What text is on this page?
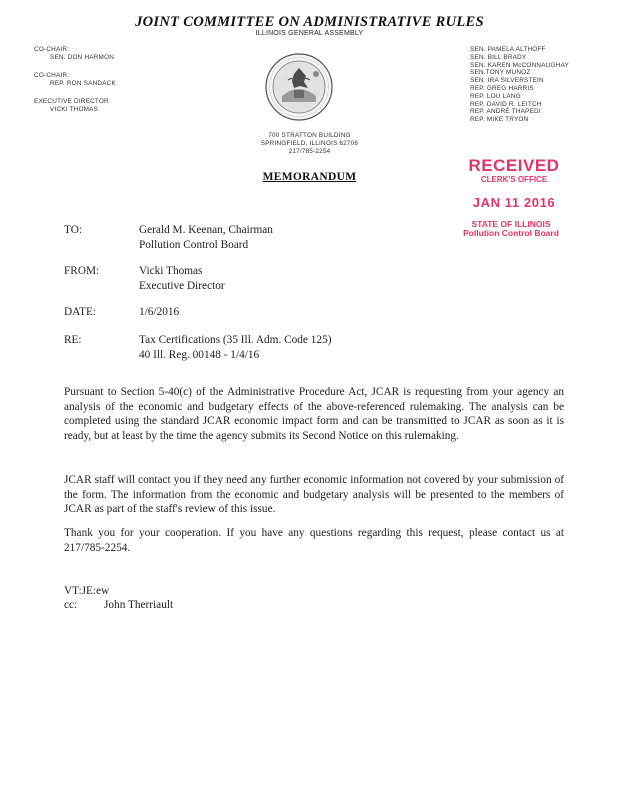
JOINT COMMITTEE ON ADMINISTRATIVE RULES
ILLINOIS GENERAL ASSEMBLY
CO-CHAIR:
SEN. DON HARMON
CO-CHAIR:
REP. RON SANDACK
EXECUTIVE DIRECTOR
VICKI THOMAS
SEN. PAMELA ALTHOFF
SEN. BILL BRADY
SEN. KAREN McCONNAUGHAY
SEN.TONY MUNOZ
SEN. IRA SILVERSTEIN
REP. GREG HARRIS
REP. LOU LANG
REP. DAVID R. LEITCH
REP. ANDRÉ THAPEDI
REP. MIKE TRYON
700 STRATTON BUILDING
SPRINGFIELD, ILLINOIS 62706
217/785-2254
MEMORANDUM
RECEIVED
CLERK'S OFFICE
JAN 11 2016
STATE OF ILLINOIS
Pollution Control Board
TO:	Gerald M. Keenan, Chairman
Pollution Control Board
FROM:	Vicki Thomas
Executive Director
DATE:	1/6/2016
RE:	Tax Certifications (35 Ill. Adm. Code 125)
40 Ill. Reg. 00148 - 1/4/16
Pursuant to Section 5-40(c) of the Administrative Procedure Act, JCAR is requesting from your agency an analysis of the economic and budgetary effects of the above-referenced rulemaking. The analysis can be completed using the standard JCAR economic impact form and can be transmitted to JCAR as soon as it is ready, but at least by the time the agency submits its Second Notice on this rulemaking.
JCAR staff will contact you if they need any further economic information not covered by your submission of the form. The information from the economic and budgetary analysis will be presented to the members of JCAR as part of the staff's review of this issue.
Thank you for your cooperation. If you have any questions regarding this request, please contact us at 217/785-2254.
VT:JE:ew
cc: John Therriault
